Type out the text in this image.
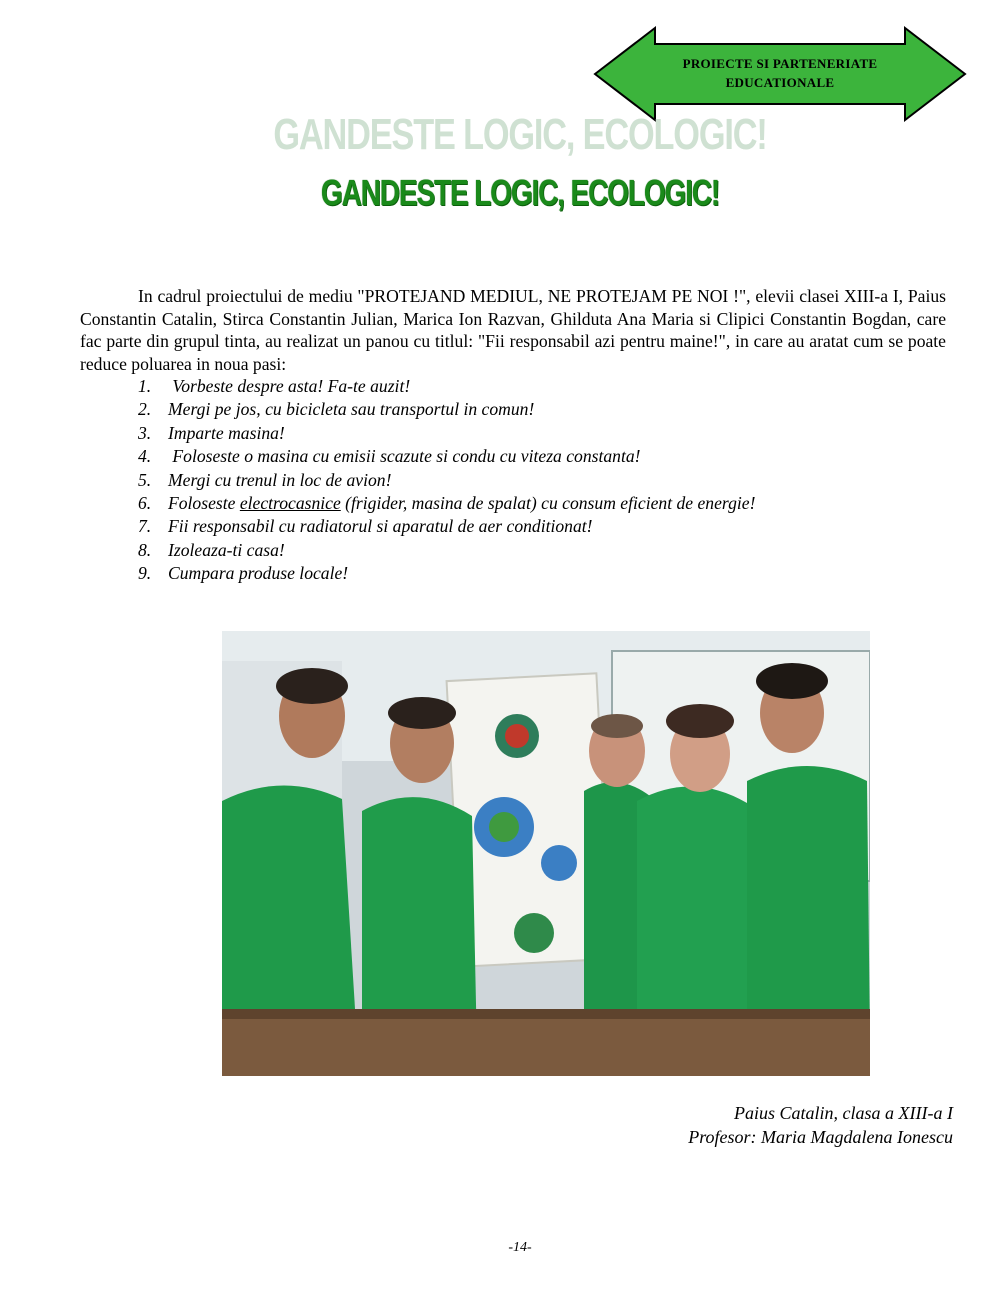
PROIECTE SI PARTENERIATE
EDUCATIONALE
GANDESTE LOGIC, ECOLOGIC!
GANDESTE LOGIC, ECOLOGIC!
In cadrul proiectului de mediu "PROTEJAND MEDIUL, NE PROTEJAM PE NOI !", elevii clasei XIII-a I, Paius Constantin Catalin, Stirca Constantin Julian, Marica Ion Razvan, Ghilduta Ana Maria si Clipici Constantin Bogdan, care fac parte din grupul tinta, au realizat un panou cu titlul: "Fii responsabil azi pentru maine!", in care au aratat cum se poate reduce poluarea in noua pasi:
1. Vorbeste despre asta! Fa-te auzit!
2. Mergi pe jos, cu bicicleta sau transportul in comun!
3. Imparte masina!
4. Foloseste o masina cu emisii scazute si condu cu viteza constanta!
5. Mergi cu trenul in loc de avion!
6. Foloseste electrocasnice (frigider, masina de spalat) cu consum eficient de energie!
7. Fii responsabil cu radiatorul si aparatul de aer conditionat!
8. Izoleaza-ti casa!
9. Cumpara produse locale!
Paius Catalin, clasa a XIII-a I
Profesor: Maria Magdalena Ionescu
-14-
